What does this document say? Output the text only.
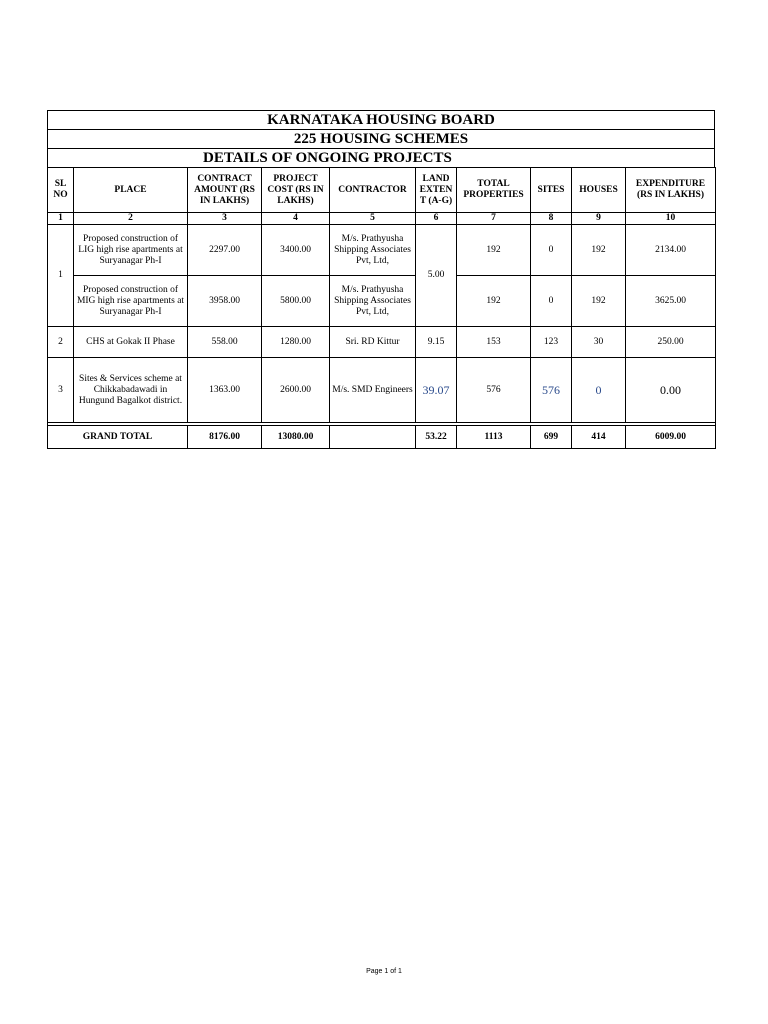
KARNATAKA HOUSING BOARD
225 HOUSING SCHEMES
DETAILS OF ONGOING PROJECTS
SL NO	PLACE	CONTRACT AMOUNT (RS IN LAKHS)	PROJECT COST (RS IN LAKHS)	CONTRACTOR	LAND EXTEN T (A-G)	TOTAL PROPERTIES	SITES	HOUSES	EXPENDITURE (RS IN LAKHS)
1	2	3	4	5	6	7	8	9	10
1	Proposed construction of LIG high rise apartments at Suryanagar Ph-I	2297.00	3400.00	M/s. Prathyusha Shipping Associates Pvt, Ltd,	5.00	192	0	192	2134.00
	Proposed construction of MIG high rise apartments at Suryanagar Ph-I	3958.00	5800.00	M/s. Prathyusha Shipping Associates Pvt, Ltd,		192	0	192	3625.00
2	CHS at Gokak II Phase	558.00	1280.00	Sri. RD Kittur	9.15	153	123	30	250.00
3	Sites & Services scheme at Chikkabadawadi in Hungund Bagalkot district.	1363.00	2600.00	M/s. SMD Engineers	39.07	576	576	0	0.00

GRAND TOTAL		8176.00	13080.00		53.22	1113	699	414	6009.00
Page 1 of 1
